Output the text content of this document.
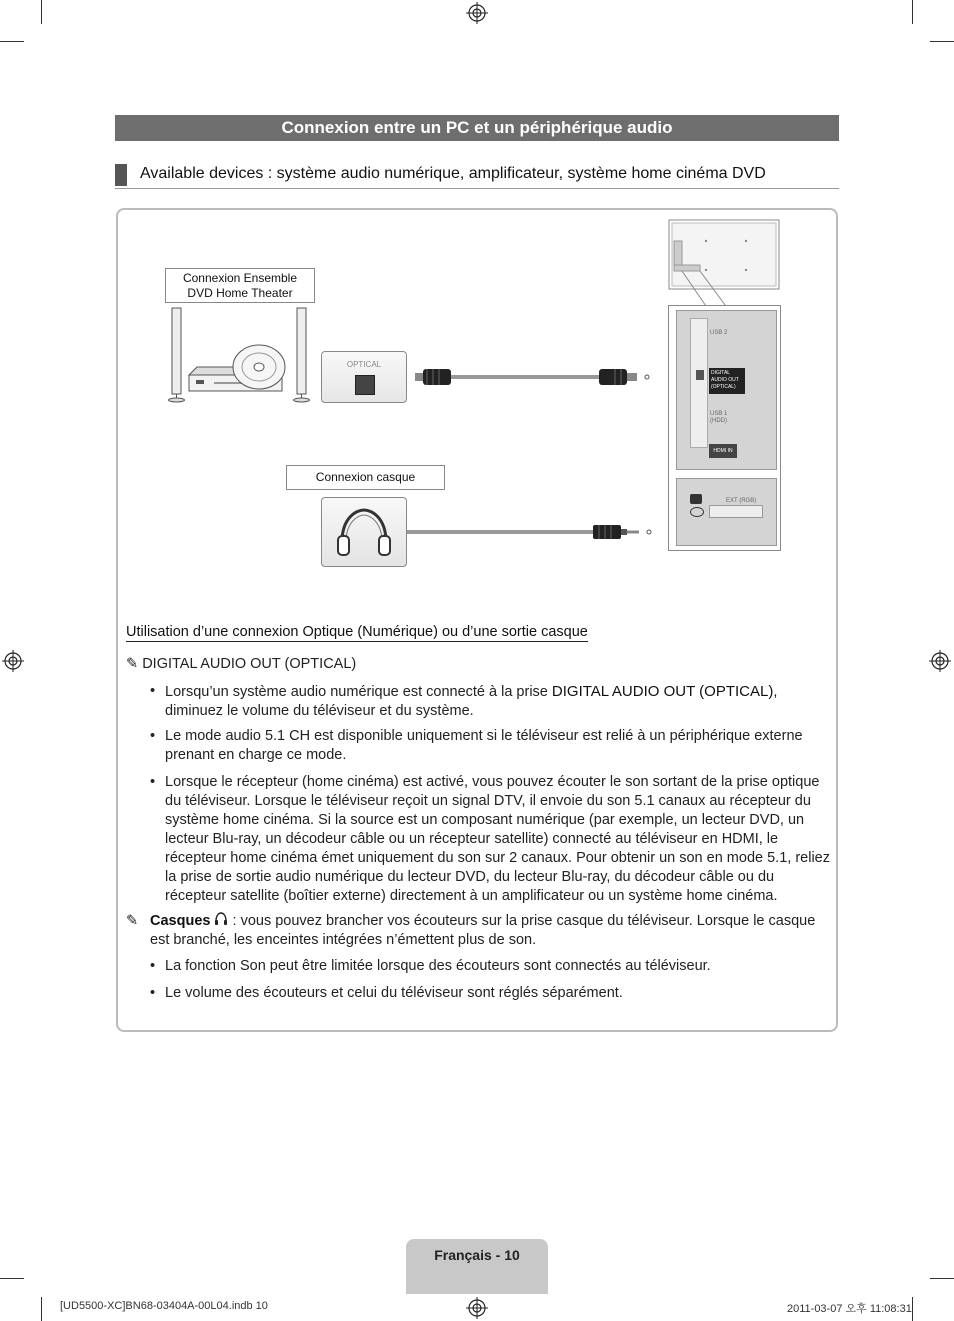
Connexion entre un PC et un périphérique audio
Available devices : système audio numérique, amplificateur, système home cinéma DVD
Connexion Ensemble
DVD Home Theater
OPTICAL
Connexion casque
USB 2
DIGITAL
AUDIO OUT
(OPTICAL)
USB 1
(HDD)
HDMI IN
EXT (RGB)
Utilisation d’une connexion Optique (Numérique) ou d’une sortie casque
✎ DIGITAL AUDIO OUT (OPTICAL)
• Lorsqu’un système audio numérique est connecté à la prise DIGITAL AUDIO OUT (OPTICAL), diminuez le volume du téléviseur et du système.
• Le mode audio 5.1 CH est disponible uniquement si le téléviseur est relié à un périphérique externe prenant en charge ce mode.
• Lorsque le récepteur (home cinéma) est activé, vous pouvez écouter le son sortant de la prise optique du téléviseur. Lorsque le téléviseur reçoit un signal DTV, il envoie du son 5.1 canaux au récepteur du système home cinéma. Si la source est un composant numérique (par exemple, un lecteur DVD, un lecteur Blu-ray, un décodeur câble ou un récepteur satellite) connecté au téléviseur en HDMI, le récepteur home cinéma émet uniquement du son sur 2 canaux. Pour obtenir un son en mode 5.1, reliez la prise de sortie audio numérique du lecteur DVD, du lecteur Blu-ray, du décodeur câble ou du récepteur satellite (boîtier externe) directement à un amplificateur ou un système home cinéma.
✎ Casques  : vous pouvez brancher vos écouteurs sur la prise casque du téléviseur. Lorsque le casque est branché, les enceintes intégrées n’émettent plus de son.
• La fonction Son peut être limitée lorsque des écouteurs sont connectés au téléviseur.
• Le volume des écouteurs et celui du téléviseur sont réglés séparément.
Français - 10
[UD5500-XC]BN68-03404A-00L04.indb 10	2011-03-07 오후 11:08:31
